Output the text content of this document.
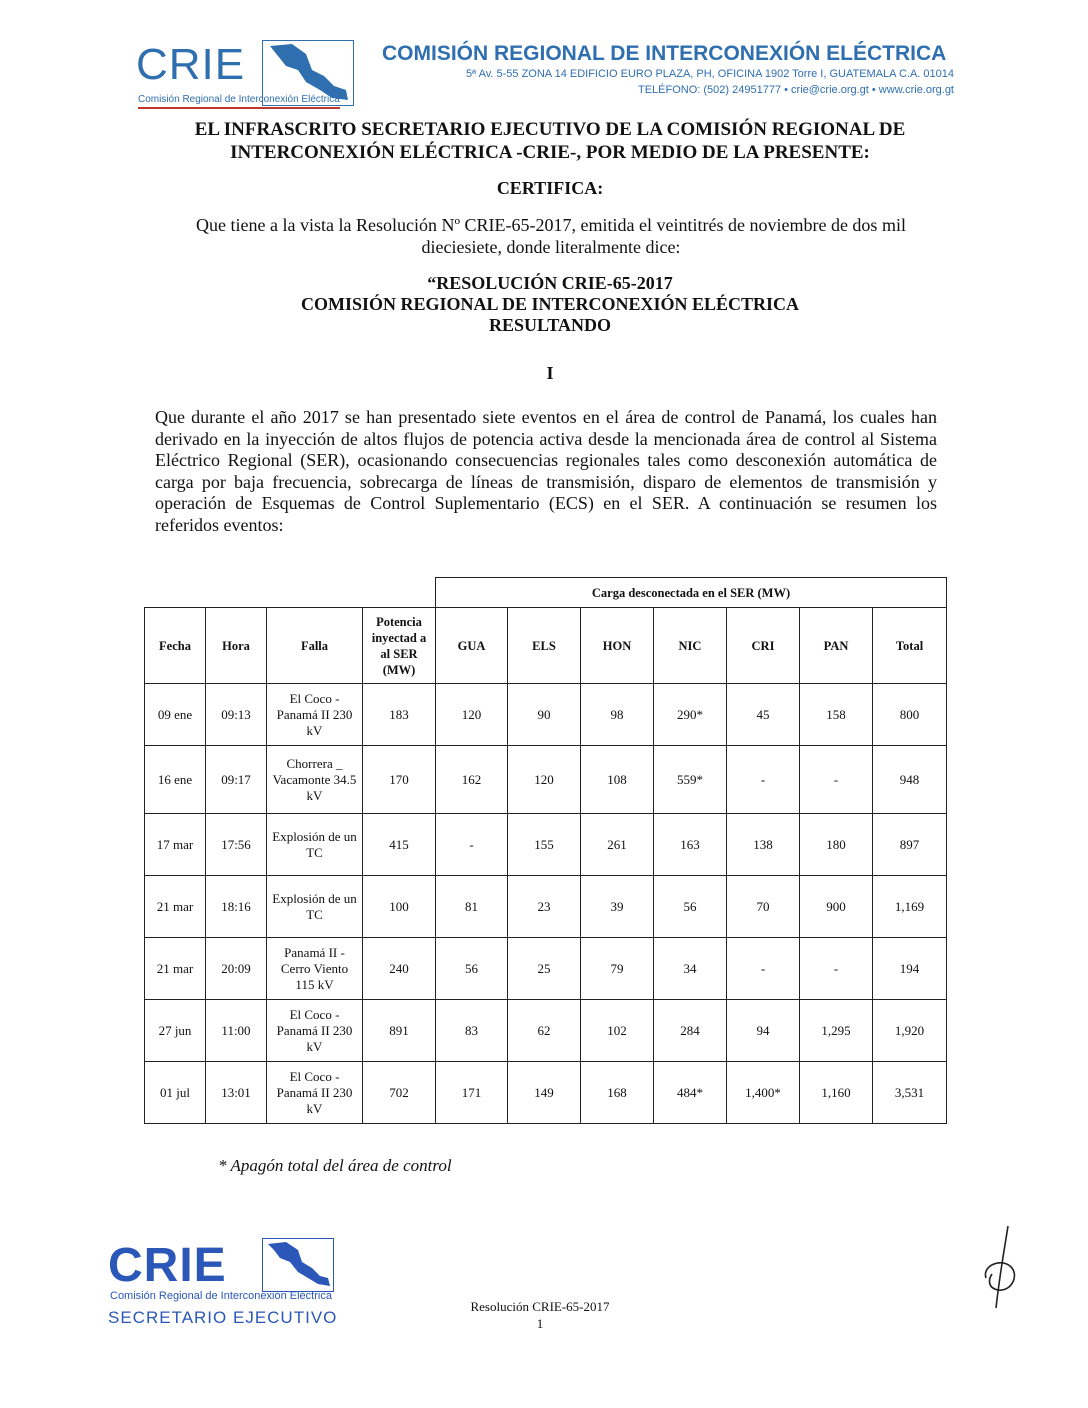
CRIE
Comisión Regional de Interconexión Eléctrica
COMISIÓN REGIONAL DE INTERCONEXIÓN ELÉCTRICA
5ª Av. 5-55 ZONA 14 EDIFICIO EURO PLAZA, PH, OFICINA 1902 Torre I, GUATEMALA C.A. 01014
TELÉFONO: (502) 24951777 • crie@crie.org.gt • www.crie.org.gt
EL INFRASCRITO SECRETARIO EJECUTIVO DE LA COMISIÓN REGIONAL DE
INTERCONEXIÓN ELÉCTRICA -CRIE-, POR MEDIO DE LA PRESENTE:
CERTIFICA:
Que tiene a la vista la Resolución Nº CRIE-65-2017, emitida el veintitrés de noviembre de dos mil dieciesiete, donde literalmente dice:
“RESOLUCIÓN CRIE-65-2017
COMISIÓN REGIONAL DE INTERCONEXIÓN ELÉCTRICA
RESULTANDO
I
Que durante el año 2017 se han presentado siete eventos en el área de control de Panamá, los cuales han derivado en la inyección de altos flujos de potencia activa desde la mencionada área de control al Sistema Eléctrico Regional (SER), ocasionando consecuencias regionales tales como desconexión automática de carga por baja frecuencia, sobrecarga de líneas de transmisión, disparo de elementos de transmisión y operación de Esquemas de Control Suplementario (ECS) en el SER. A continuación se resumen los referidos eventos:
				Carga desconectada en el SER (MW)						
Fecha	Hora	Falla	Potencia inyectad a al SER (MW)	GUA	ELS	HON	NIC	CRI	PAN	Total
09 ene	09:13	El Coco - Panamá II 230 kV	183	120	90	98	290*	45	158	800
16 ene	09:17	Chorrera _ Vacamonte 34.5 kV	170	162	120	108	559*	-	-	948
17 mar	17:56	Explosión de un TC	415	-	155	261	163	138	180	897
21 mar	18:16	Explosión de un TC	100	81	23	39	56	70	900	1,169
21 mar	20:09	Panamá II - Cerro Viento 115 kV	240	56	25	79	34	-	-	194
27 jun	11:00	El Coco - Panamá II 230 kV	891	83	62	102	284	94	1,295	1,920
01 jul	13:01	El Coco - Panamá II 230 kV	702	171	149	168	484*	1,400*	1,160	3,531
* Apagón total del área de control
CRIE
Comisión Regional de Interconexión Eléctrica
SECRETARIO EJECUTIVO
Resolución CRIE-65-2017
1
